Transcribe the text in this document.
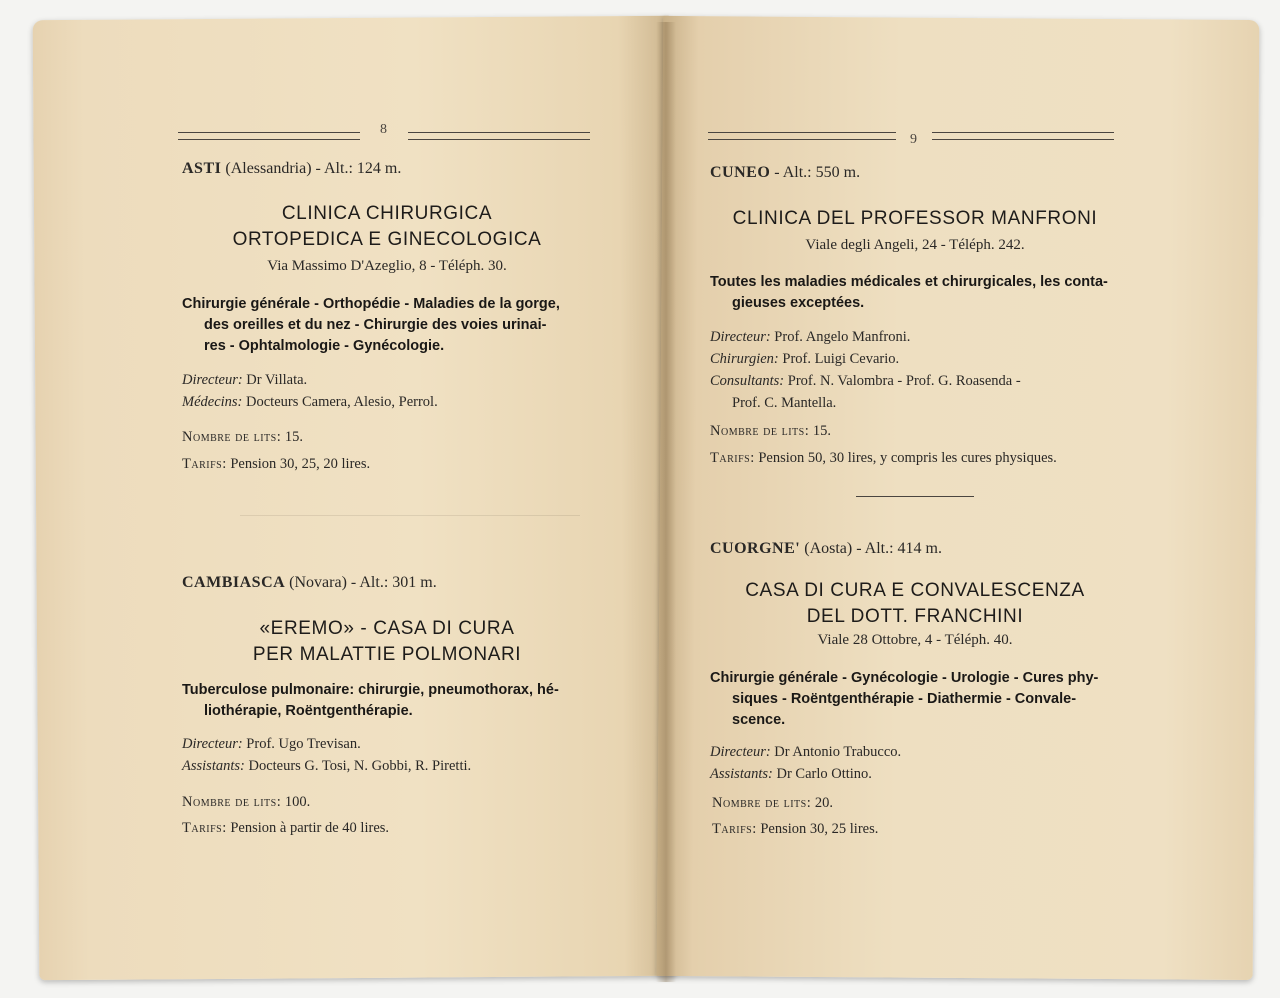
8
ASTI (Alessandria) - Alt.: 124 m.
CLINICA CHIRURGICA
ORTOPEDICA E GINECOLOGICA
Via Massimo D'Azeglio, 8 - Téléph. 30.
Chirurgie générale - Orthopédie - Maladies de la gorge,
des oreilles et du nez - Chirurgie des voies urinai-
res - Ophtalmologie - Gynécologie.
Directeur: Dr Villata.
Médecins: Docteurs Camera, Alesio, Perrol.
Nombre de lits: 15.
Tarifs: Pension 30, 25, 20 lires.
CAMBIASCA (Novara) - Alt.: 301 m.
«EREMO» - CASA DI CURA
PER MALATTIE POLMONARI
Tuberculose pulmonaire: chirurgie, pneumothorax, hé-
liothérapie, Roëntgenthérapie.
Directeur: Prof. Ugo Trevisan.
Assistants: Docteurs G. Tosi, N. Gobbi, R. Piretti.
Nombre de lits: 100.
Tarifs: Pension à partir de 40 lires.
9
CUNEO - Alt.: 550 m.
CLINICA DEL PROFESSOR MANFRONI
Viale degli Angeli, 24 - Téléph. 242.
Toutes les maladies médicales et chirurgicales, les conta-
gieuses exceptées.
Directeur: Prof. Angelo Manfroni.
Chirurgien: Prof. Luigi Cevario.
Consultants: Prof. N. Valombra - Prof. G. Roasenda -
Prof. C. Mantella.
Nombre de lits: 15.
Tarifs: Pension 50, 30 lires, y compris les cures physiques.
CUORGNE' (Aosta) - Alt.: 414 m.
CASA DI CURA E CONVALESCENZA
DEL DOTT. FRANCHINI
Viale 28 Ottobre, 4 - Téléph. 40.
Chirurgie générale - Gynécologie - Urologie - Cures phy-
siques - Roëntgenthérapie - Diathermie - Convale-
scence.
Directeur: Dr Antonio Trabucco.
Assistants: Dr Carlo Ottino.
Nombre de lits: 20.
Tarifs: Pension 30, 25 lires.
